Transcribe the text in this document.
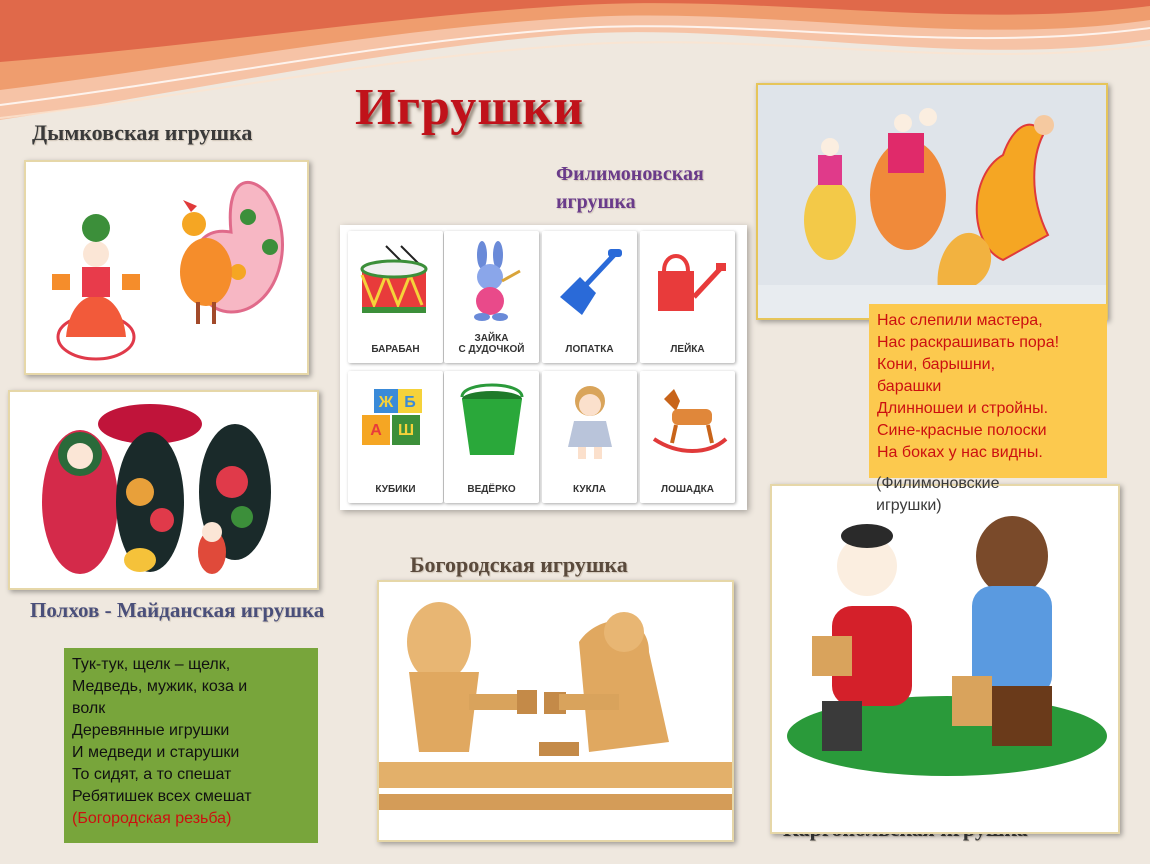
Игрушки

Дымковская игрушка

Филимоновская
игрушка

Богородская игрушка

Полхов - Майданская игрушка

БАРАБАН
ЗАЙКА
С ДУДОЧКОЙ	ЛОПАТКА	ЛЕЙКА
Ж Б
А Ш
КУБИКИ	ВЕДЁРКО	КУКЛА	ЛОШАДКА
Нас слепили мастера,
Нас раскрашивать пора!
Кони, барышни,
барашки
Длинношеи и стройны.
Сине-красные полоски
На боках у нас видны.

(Филимоновские
игрушки)

Тук-тук, щелк – щелк,
Медведь, мужик, коза и
волк
Деревянные игрушки
И медведи и старушки
То сидят, а то спешат
Ребятишек всех смешат
(Богородская резьба)
